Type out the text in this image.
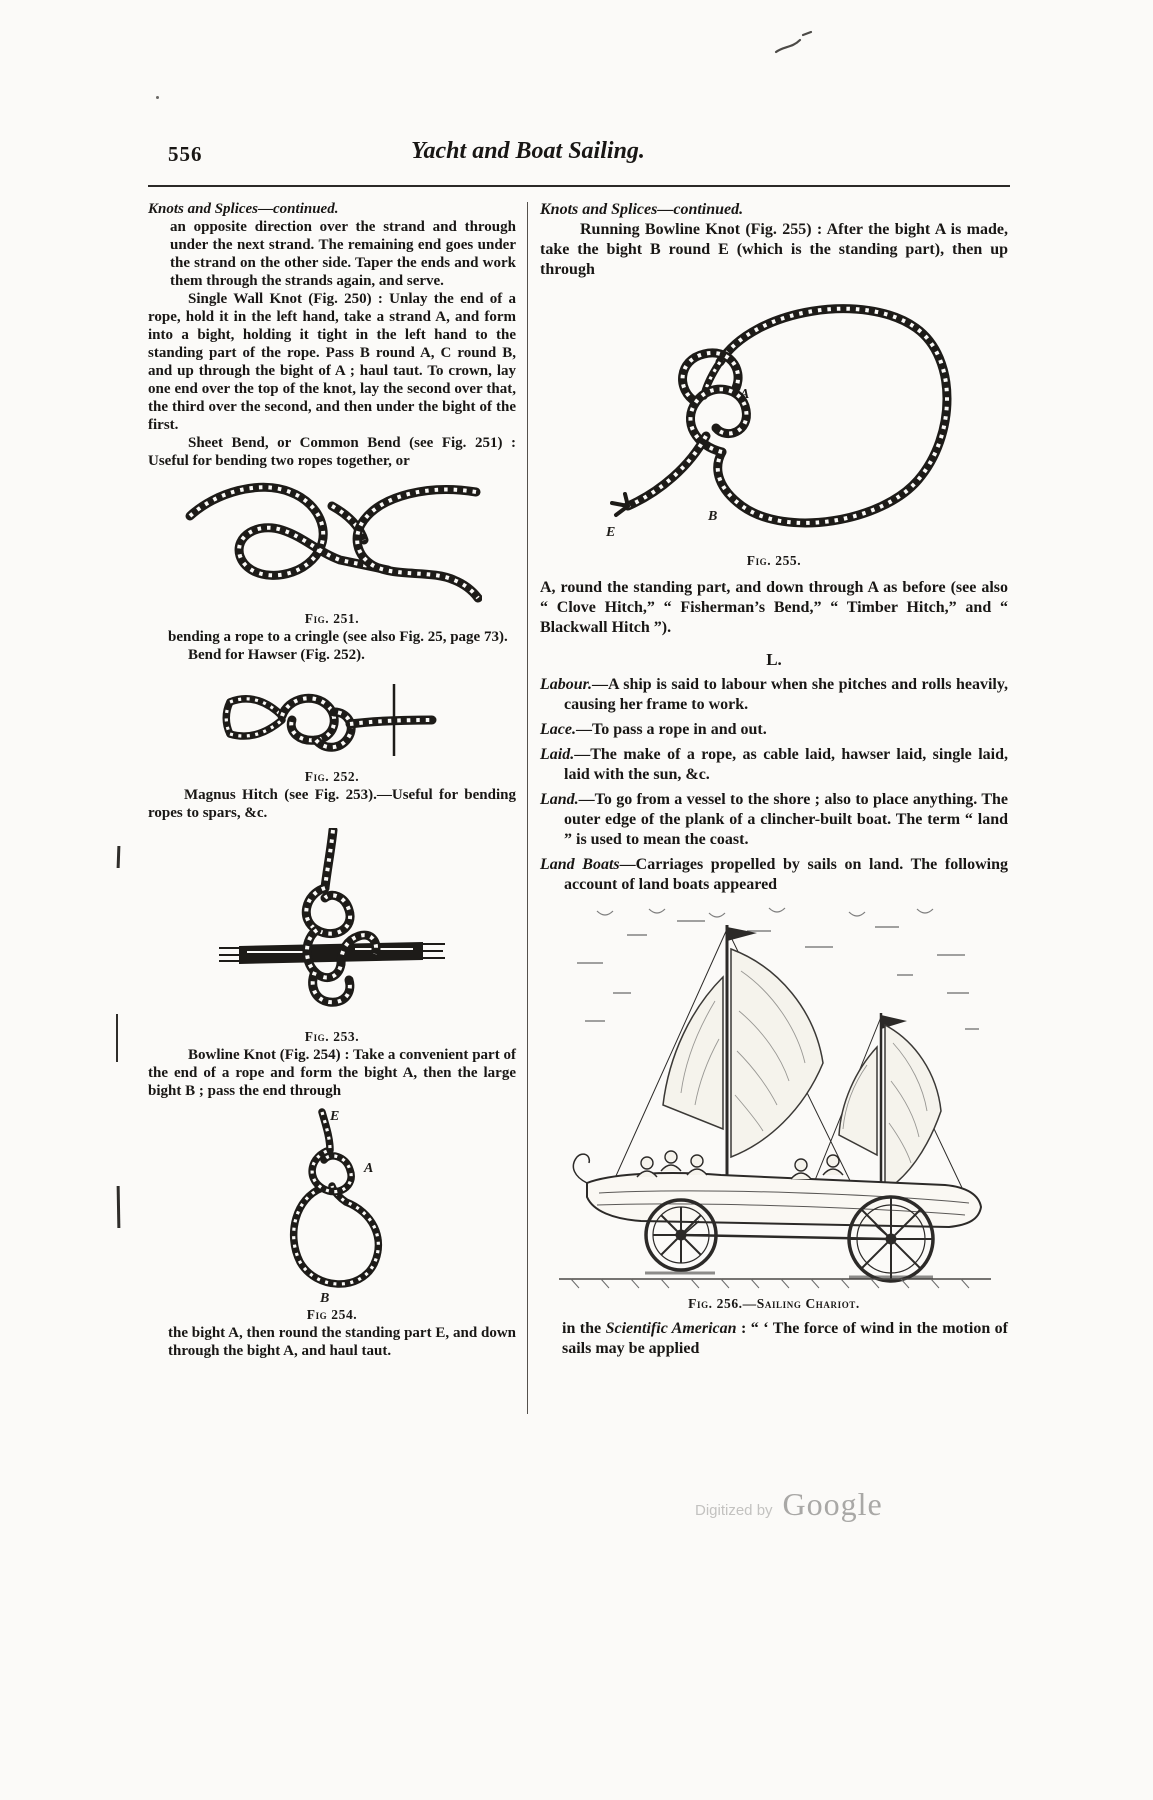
556	Yacht and Boat Sailing.
Knots and Splices—continued.

an opposite direction over the strand and through under the next strand. The remaining end goes under the strand on the other side. Taper the ends and work them through the strands again, and serve.

Single Wall Knot (Fig. 250) : Unlay the end of a rope, hold it in the left hand, take a strand A, and form into a bight, holding it tight in the left hand to the standing part of the rope. Pass B round A, C round B, and up through the bight of A ; haul taut. To crown, lay one end over the top of the knot, lay the second over that, the third over the second, and then under the bight of the first.

Sheet Bend, or Common Bend (see Fig. 251) : Useful for bending two ropes together, or

Fig. 251.

bending a rope to a cringle (see also Fig. 25, page 73).

Bend for Hawser (Fig. 252).

Fig. 252.

Magnus Hitch (see Fig. 253).—Useful for bending ropes to spars, &c.

Fig. 253.

Bowline Knot (Fig. 254) : Take a convenient part of the end of a rope and form the bight A, then the large bight B ; pass the end through

E
A
B
Fig 254.

the bight A, then round the standing part E, and down through the bight A, and haul taut.

Knots and Splices—continued.

Running Bowline Knot (Fig. 255) : After the bight A is made, take the bight B round E (which is the standing part), then up through

A
B
E
Fig. 255.

A, round the standing part, and down through A as before (see also “ Clove Hitch,” “ Fisherman’s Bend,” “ Timber Hitch,” and “ Blackwall Hitch ”).

L.
Labour.—A ship is said to labour when she pitches and rolls heavily, causing her frame to work.
Lace.—To pass a rope in and out.
Laid.—The make of a rope, as cable laid, hawser laid, single laid, laid with the sun, &c.
Land.—To go from a vessel to the shore ; also to place anything. The outer edge of the plank of a clincher-built boat. The term “ land ” is used to mean the coast.
Land Boats—Carriages propelled by sails on land. The following account of land boats appeared
Fig. 256.—Sailing Chariot.

in the Scientific American : “ ‘ The force of wind in the motion of sails may be applied

Digitized by Google
